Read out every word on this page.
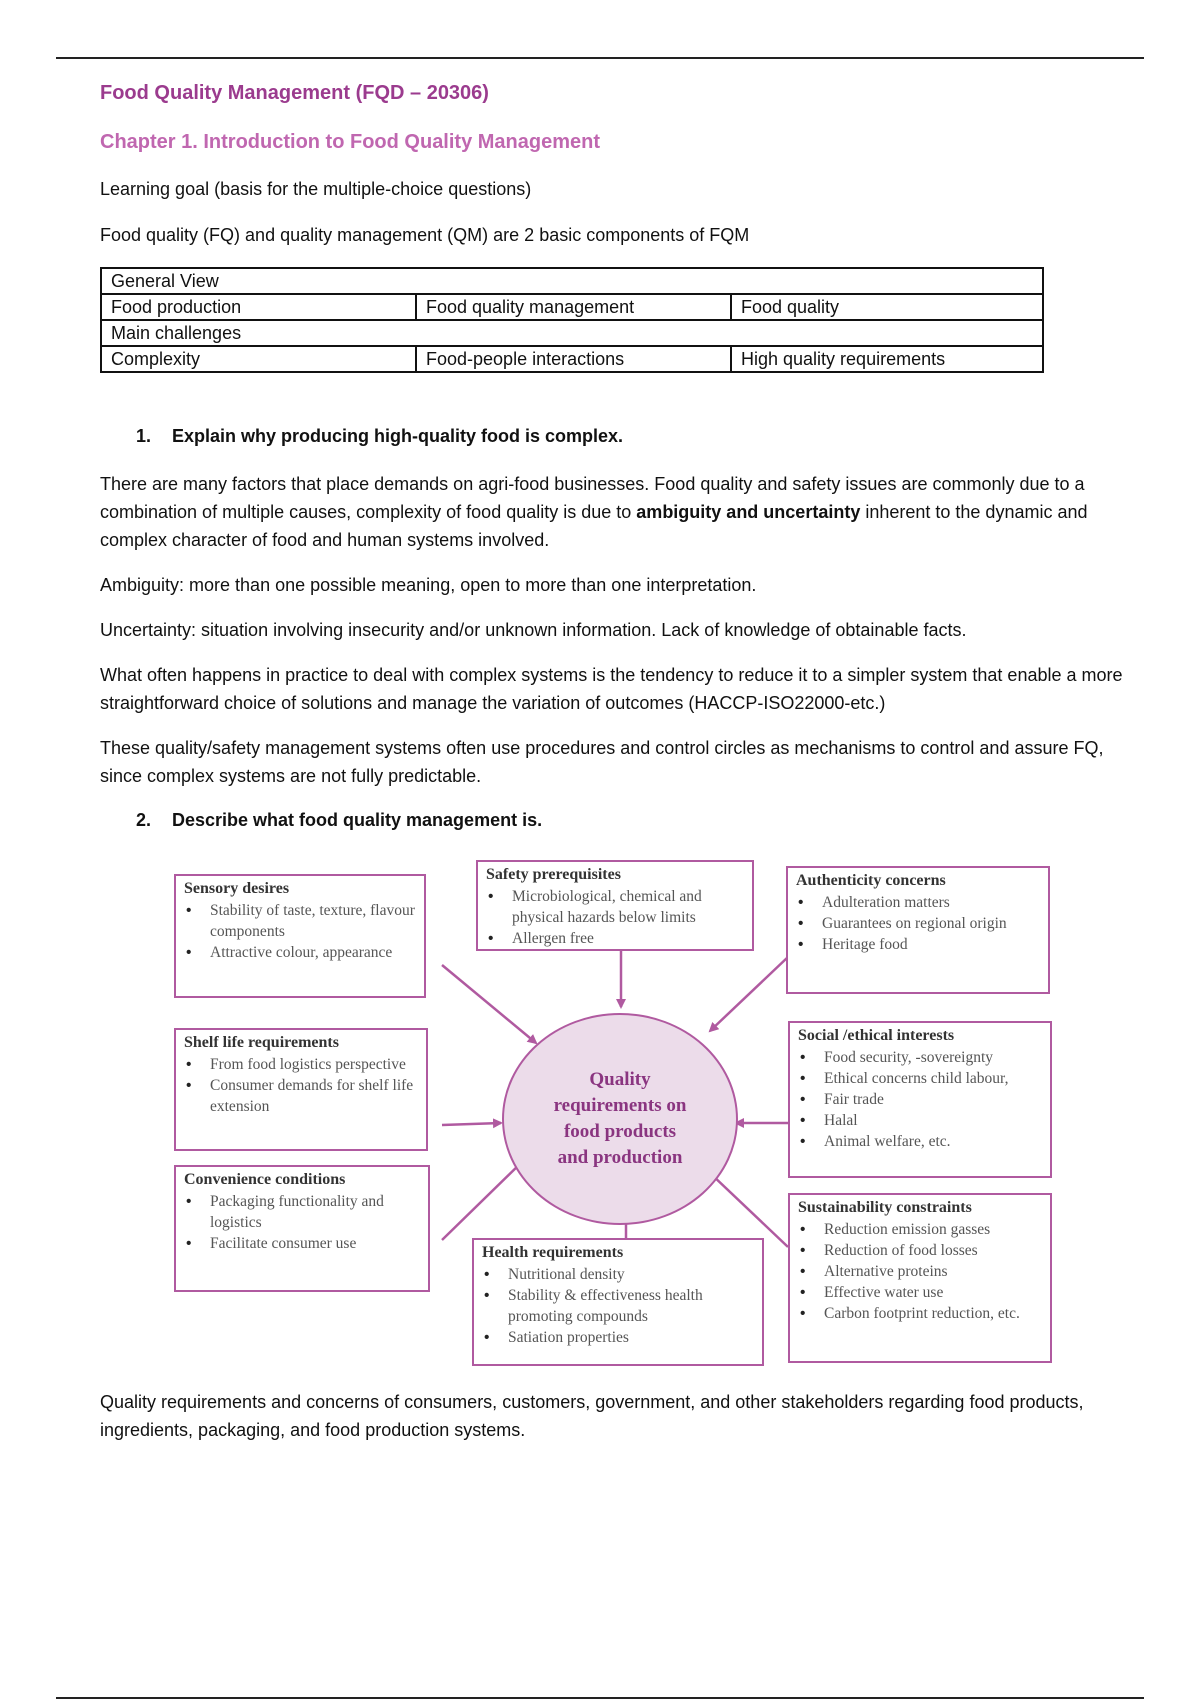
Food Quality Management (FQD – 20306)
Chapter 1. Introduction to Food Quality Management
Learning goal (basis for the multiple-choice questions)
Food quality (FQ) and quality management (QM) are 2 basic components of FQM
General View		
Food production	Food quality management	Food quality
Main challenges		
Complexity	Food-people interactions	High quality requirements
1. Explain why producing high-quality food is complex.
There are many factors that place demands on agri-food businesses. Food quality and safety issues are commonly due to a combination of multiple causes, complexity of food quality is due to ambiguity and uncertainty inherent to the dynamic and complex character of food and human systems involved.
Ambiguity: more than one possible meaning, open to more than one interpretation.
Uncertainty: situation involving insecurity and/or unknown information. Lack of knowledge of obtainable facts.
What often happens in practice to deal with complex systems is the tendency to reduce it to a simpler system that enable a more straightforward choice of solutions and manage the variation of outcomes (HACCP-ISO22000-etc.)
These quality/safety management systems often use procedures and control circles as mechanisms to control and assure FQ, since complex systems are not fully predictable.
2. Describe what food quality management is.
Sensory desires
• Stability of taste, texture, flavour components
• Attractive colour, appearance
Safety prerequisites
• Microbiological, chemical and physical hazards below limits
• Allergen free
Authenticity concerns
• Adulteration matters
• Guarantees on regional origin
• Heritage food
Shelf life requirements
• From food logistics perspective
• Consumer demands for shelf life extension
Social /ethical interests
• Food security, -sovereignty
• Ethical concerns child labour,
• Fair trade
• Halal
• Animal welfare, etc.
Convenience conditions
• Packaging functionality and logistics
• Facilitate consumer use
Health requirements
• Nutritional density
• Stability & effectiveness health promoting compounds
• Satiation properties
Sustainability constraints
• Reduction emission gasses
• Reduction of food losses
• Alternative proteins
• Effective water use
• Carbon footprint reduction, etc.
Quality
requirements on
food products
and production
Quality requirements and concerns of consumers, customers, government, and other stakeholders regarding food products, ingredients, packaging, and food production systems.
